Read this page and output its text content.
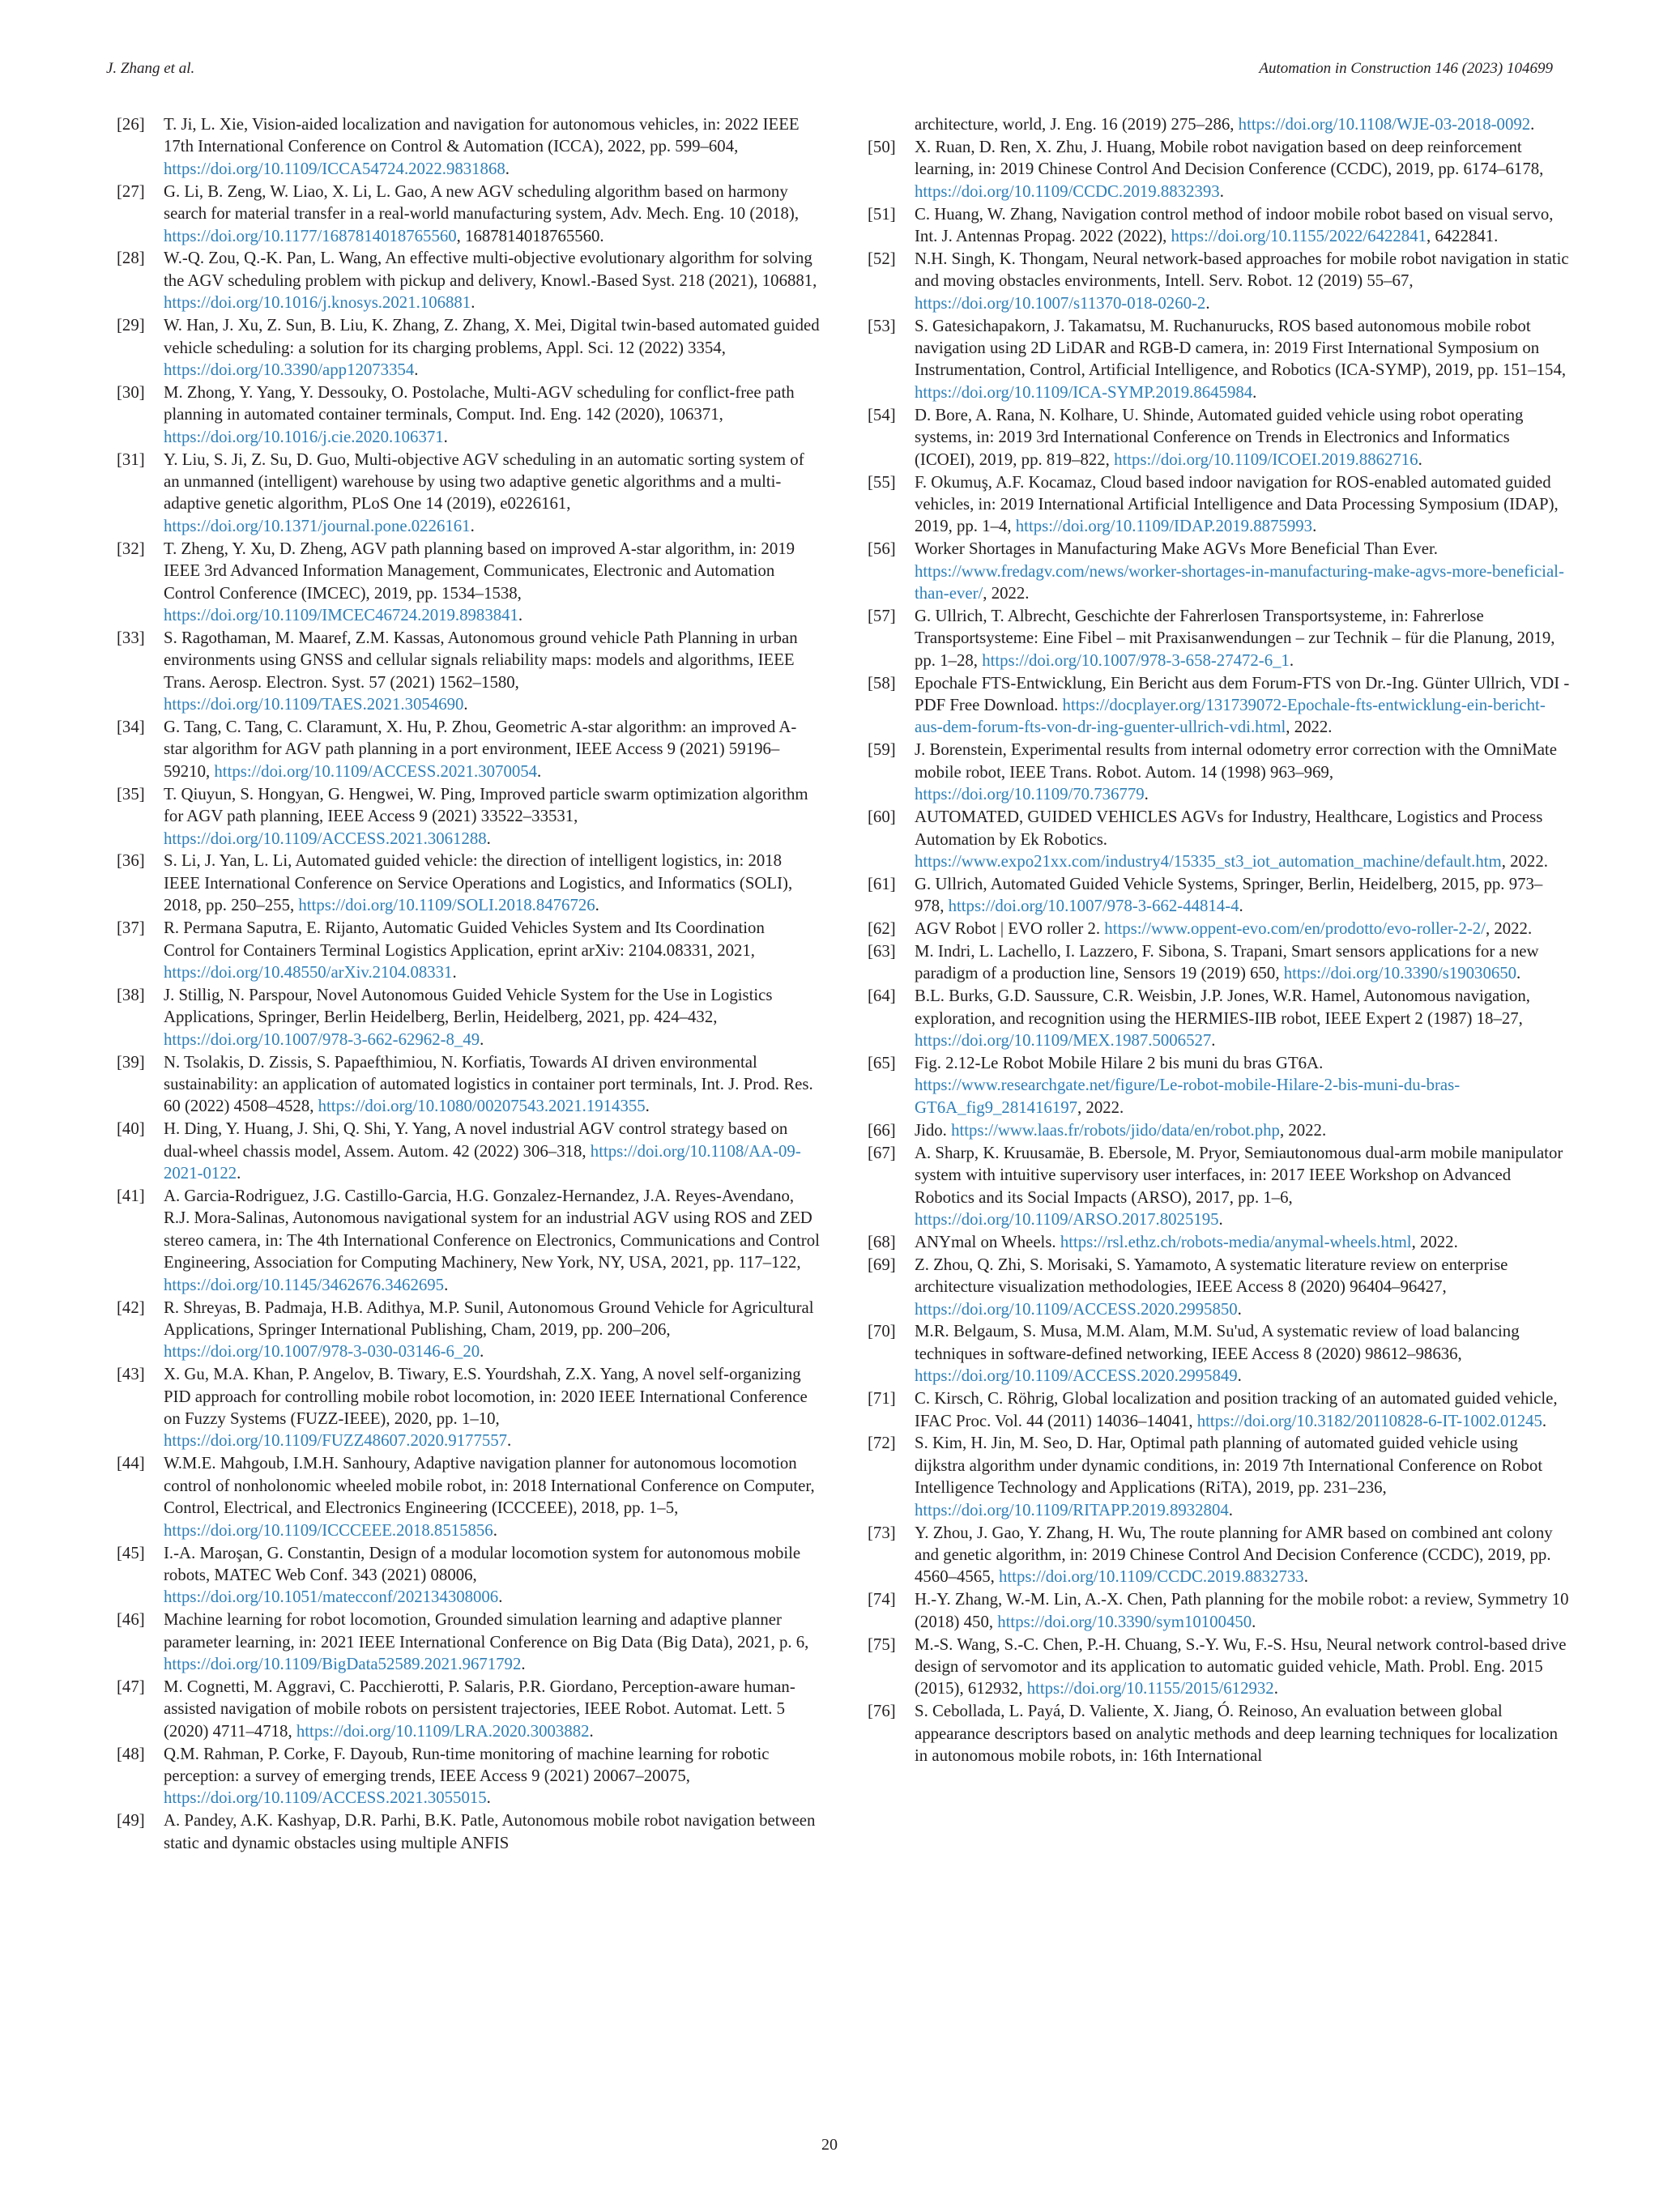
J. Zhang et al.	Automation in Construction 146 (2023) 104699
[26] T. Ji, L. Xie, Vision-aided localization and navigation for autonomous vehicles, in: 2022 IEEE 17th International Conference on Control & Automation (ICCA), 2022, pp. 599–604, https://doi.org/10.1109/ICCA54724.2022.9831868.
[27] G. Li, B. Zeng, W. Liao, X. Li, L. Gao, A new AGV scheduling algorithm based on harmony search for material transfer in a real-world manufacturing system, Adv. Mech. Eng. 10 (2018), https://doi.org/10.1177/1687814018765560, 1687814018765560.
[28] W.-Q. Zou, Q.-K. Pan, L. Wang, An effective multi-objective evolutionary algorithm for solving the AGV scheduling problem with pickup and delivery, Knowl.-Based Syst. 218 (2021), 106881, https://doi.org/10.1016/j.knosys.2021.106881.
[29] W. Han, J. Xu, Z. Sun, B. Liu, K. Zhang, Z. Zhang, X. Mei, Digital twin-based automated guided vehicle scheduling: a solution for its charging problems, Appl. Sci. 12 (2022) 3354, https://doi.org/10.3390/app12073354.
[30] M. Zhong, Y. Yang, Y. Dessouky, O. Postolache, Multi-AGV scheduling for conflict-free path planning in automated container terminals, Comput. Ind. Eng. 142 (2020), 106371, https://doi.org/10.1016/j.cie.2020.106371.
[31] Y. Liu, S. Ji, Z. Su, D. Guo, Multi-objective AGV scheduling in an automatic sorting system of an unmanned (intelligent) warehouse by using two adaptive genetic algorithms and a multi-adaptive genetic algorithm, PLoS One 14 (2019), e0226161, https://doi.org/10.1371/journal.pone.0226161.
[32] T. Zheng, Y. Xu, D. Zheng, AGV path planning based on improved A-star algorithm, in: 2019 IEEE 3rd Advanced Information Management, Communicates, Electronic and Automation Control Conference (IMCEC), 2019, pp. 1534–1538, https://doi.org/10.1109/IMCEC46724.2019.8983841.
[33] S. Ragothaman, M. Maaref, Z.M. Kassas, Autonomous ground vehicle Path Planning in urban environments using GNSS and cellular signals reliability maps: models and algorithms, IEEE Trans. Aerosp. Electron. Syst. 57 (2021) 1562–1580, https://doi.org/10.1109/TAES.2021.3054690.
[34] G. Tang, C. Tang, C. Claramunt, X. Hu, P. Zhou, Geometric A-star algorithm: an improved A-star algorithm for AGV path planning in a port environment, IEEE Access 9 (2021) 59196–59210, https://doi.org/10.1109/ACCESS.2021.3070054.
[35] T. Qiuyun, S. Hongyan, G. Hengwei, W. Ping, Improved particle swarm optimization algorithm for AGV path planning, IEEE Access 9 (2021) 33522–33531, https://doi.org/10.1109/ACCESS.2021.3061288.
[36] S. Li, J. Yan, L. Li, Automated guided vehicle: the direction of intelligent logistics, in: 2018 IEEE International Conference on Service Operations and Logistics, and Informatics (SOLI), 2018, pp. 250–255, https://doi.org/10.1109/SOLI.2018.8476726.
[37] R. Permana Saputra, E. Rijanto, Automatic Guided Vehicles System and Its Coordination Control for Containers Terminal Logistics Application, eprint arXiv: 2104.08331, 2021, https://doi.org/10.48550/arXiv.2104.08331.
[38] J. Stillig, N. Parspour, Novel Autonomous Guided Vehicle System for the Use in Logistics Applications, Springer, Berlin Heidelberg, Berlin, Heidelberg, 2021, pp. 424–432, https://doi.org/10.1007/978-3-662-62962-8_49.
[39] N. Tsolakis, D. Zissis, S. Papaefthimiou, N. Korfiatis, Towards AI driven environmental sustainability: an application of automated logistics in container port terminals, Int. J. Prod. Res. 60 (2022) 4508–4528, https://doi.org/10.1080/00207543.2021.1914355.
[40] H. Ding, Y. Huang, J. Shi, Q. Shi, Y. Yang, A novel industrial AGV control strategy based on dual-wheel chassis model, Assem. Autom. 42 (2022) 306–318, https://doi.org/10.1108/AA-09-2021-0122.
[41] A. Garcia-Rodriguez, J.G. Castillo-Garcia, H.G. Gonzalez-Hernandez, J.A. Reyes-Avendano, R.J. Mora-Salinas, Autonomous navigational system for an industrial AGV using ROS and ZED stereo camera, in: The 4th International Conference on Electronics, Communications and Control Engineering, Association for Computing Machinery, New York, NY, USA, 2021, pp. 117–122, https://doi.org/10.1145/3462676.3462695.
[42] R. Shreyas, B. Padmaja, H.B. Adithya, M.P. Sunil, Autonomous Ground Vehicle for Agricultural Applications, Springer International Publishing, Cham, 2019, pp. 200–206, https://doi.org/10.1007/978-3-030-03146-6_20.
[43] X. Gu, M.A. Khan, P. Angelov, B. Tiwary, E.S. Yourdshah, Z.X. Yang, A novel self-organizing PID approach for controlling mobile robot locomotion, in: 2020 IEEE International Conference on Fuzzy Systems (FUZZ-IEEE), 2020, pp. 1–10, https://doi.org/10.1109/FUZZ48607.2020.9177557.
[44] W.M.E. Mahgoub, I.M.H. Sanhoury, Adaptive navigation planner for autonomous locomotion control of nonholonomic wheeled mobile robot, in: 2018 International Conference on Computer, Control, Electrical, and Electronics Engineering (ICCCEEE), 2018, pp. 1–5, https://doi.org/10.1109/ICCCEEE.2018.8515856.
[45] I.-A. Maroşan, G. Constantin, Design of a modular locomotion system for autonomous mobile robots, MATEC Web Conf. 343 (2021) 08006, https://doi.org/10.1051/matecconf/202134308006.
[46] Machine learning for robot locomotion, Grounded simulation learning and adaptive planner parameter learning, in: 2021 IEEE International Conference on Big Data (Big Data), 2021, p. 6, https://doi.org/10.1109/BigData52589.2021.9671792.
[47] M. Cognetti, M. Aggravi, C. Pacchierotti, P. Salaris, P.R. Giordano, Perception-aware human-assisted navigation of mobile robots on persistent trajectories, IEEE Robot. Automat. Lett. 5 (2020) 4711–4718, https://doi.org/10.1109/LRA.2020.3003882.
[48] Q.M. Rahman, P. Corke, F. Dayoub, Run-time monitoring of machine learning for robotic perception: a survey of emerging trends, IEEE Access 9 (2021) 20067–20075, https://doi.org/10.1109/ACCESS.2021.3055015.
[49] A. Pandey, A.K. Kashyap, D.R. Parhi, B.K. Patle, Autonomous mobile robot navigation between static and dynamic obstacles using multiple ANFIS
architecture, world, J. Eng. 16 (2019) 275–286, https://doi.org/10.1108/WJE-03-2018-0092.
[50] X. Ruan, D. Ren, X. Zhu, J. Huang, Mobile robot navigation based on deep reinforcement learning, in: 2019 Chinese Control And Decision Conference (CCDC), 2019, pp. 6174–6178, https://doi.org/10.1109/CCDC.2019.8832393.
[51] C. Huang, W. Zhang, Navigation control method of indoor mobile robot based on visual servo, Int. J. Antennas Propag. 2022 (2022), https://doi.org/10.1155/2022/6422841, 6422841.
[52] N.H. Singh, K. Thongam, Neural network-based approaches for mobile robot navigation in static and moving obstacles environments, Intell. Serv. Robot. 12 (2019) 55–67, https://doi.org/10.1007/s11370-018-0260-2.
[53] S. Gatesichapakorn, J. Takamatsu, M. Ruchanurucks, ROS based autonomous mobile robot navigation using 2D LiDAR and RGB-D camera, in: 2019 First International Symposium on Instrumentation, Control, Artificial Intelligence, and Robotics (ICA-SYMP), 2019, pp. 151–154, https://doi.org/10.1109/ICA-SYMP.2019.8645984.
[54] D. Bore, A. Rana, N. Kolhare, U. Shinde, Automated guided vehicle using robot operating systems, in: 2019 3rd International Conference on Trends in Electronics and Informatics (ICOEI), 2019, pp. 819–822, https://doi.org/10.1109/ICOEI.2019.8862716.
[55] F. Okumuş, A.F. Kocamaz, Cloud based indoor navigation for ROS-enabled automated guided vehicles, in: 2019 International Artificial Intelligence and Data Processing Symposium (IDAP), 2019, pp. 1–4, https://doi.org/10.1109/IDAP.2019.8875993.
[56] Worker Shortages in Manufacturing Make AGVs More Beneficial Than Ever. https://www.fredagv.com/news/worker-shortages-in-manufacturing-make-agvs-more-beneficial-than-ever/, 2022.
[57] G. Ullrich, T. Albrecht, Geschichte der Fahrerlosen Transportsysteme, in: Fahrerlose Transportsysteme: Eine Fibel – mit Praxisanwendungen – zur Technik – für die Planung, 2019, pp. 1–28, https://doi.org/10.1007/978-3-658-27472-6_1.
[58] Epochale FTS-Entwicklung, Ein Bericht aus dem Forum-FTS von Dr.-Ing. Günter Ullrich, VDI - PDF Free Download. https://docplayer.org/131739072-Epochale-fts-entwicklung-ein-bericht-aus-dem-forum-fts-von-dr-ing-guenter-ullrich-vdi.html, 2022.
[59] J. Borenstein, Experimental results from internal odometry error correction with the OmniMate mobile robot, IEEE Trans. Robot. Autom. 14 (1998) 963–969, https://doi.org/10.1109/70.736779.
[60] AUTOMATED, GUIDED VEHICLES AGVs for Industry, Healthcare, Logistics and Process Automation by Ek Robotics. https://www.expo21xx.com/industry4/15335_st3_iot_automation_machine/default.htm, 2022.
[61] G. Ullrich, Automated Guided Vehicle Systems, Springer, Berlin, Heidelberg, 2015, pp. 973–978, https://doi.org/10.1007/978-3-662-44814-4.
[62] AGV Robot | EVO roller 2. https://www.oppent-evo.com/en/prodotto/evo-roller-2-2/, 2022.
[63] M. Indri, L. Lachello, I. Lazzero, F. Sibona, S. Trapani, Smart sensors applications for a new paradigm of a production line, Sensors 19 (2019) 650, https://doi.org/10.3390/s19030650.
[64] B.L. Burks, G.D. Saussure, C.R. Weisbin, J.P. Jones, W.R. Hamel, Autonomous navigation, exploration, and recognition using the HERMIES-IIB robot, IEEE Expert 2 (1987) 18–27, https://doi.org/10.1109/MEX.1987.5006527.
[65] Fig. 2.12-Le Robot Mobile Hilare 2 bis muni du bras GT6A. https://www.researchgate.net/figure/Le-robot-mobile-Hilare-2-bis-muni-du-bras-GT6A_fig9_281416197, 2022.
[66] Jido. https://www.laas.fr/robots/jido/data/en/robot.php, 2022.
[67] A. Sharp, K. Kruusamäe, B. Ebersole, M. Pryor, Semiautonomous dual-arm mobile manipulator system with intuitive supervisory user interfaces, in: 2017 IEEE Workshop on Advanced Robotics and its Social Impacts (ARSO), 2017, pp. 1–6, https://doi.org/10.1109/ARSO.2017.8025195.
[68] ANYmal on Wheels. https://rsl.ethz.ch/robots-media/anymal-wheels.html, 2022.
[69] Z. Zhou, Q. Zhi, S. Morisaki, S. Yamamoto, A systematic literature review on enterprise architecture visualization methodologies, IEEE Access 8 (2020) 96404–96427, https://doi.org/10.1109/ACCESS.2020.2995850.
[70] M.R. Belgaum, S. Musa, M.M. Alam, M.M. Su'ud, A systematic review of load balancing techniques in software-defined networking, IEEE Access 8 (2020) 98612–98636, https://doi.org/10.1109/ACCESS.2020.2995849.
[71] C. Kirsch, C. Röhrig, Global localization and position tracking of an automated guided vehicle, IFAC Proc. Vol. 44 (2011) 14036–14041, https://doi.org/10.3182/20110828-6-IT-1002.01245.
[72] S. Kim, H. Jin, M. Seo, D. Har, Optimal path planning of automated guided vehicle using dijkstra algorithm under dynamic conditions, in: 2019 7th International Conference on Robot Intelligence Technology and Applications (RiTA), 2019, pp. 231–236, https://doi.org/10.1109/RITAPP.2019.8932804.
[73] Y. Zhou, J. Gao, Y. Zhang, H. Wu, The route planning for AMR based on combined ant colony and genetic algorithm, in: 2019 Chinese Control And Decision Conference (CCDC), 2019, pp. 4560–4565, https://doi.org/10.1109/CCDC.2019.8832733.
[74] H.-Y. Zhang, W.-M. Lin, A.-X. Chen, Path planning for the mobile robot: a review, Symmetry 10 (2018) 450, https://doi.org/10.3390/sym10100450.
[75] M.-S. Wang, S.-C. Chen, P.-H. Chuang, S.-Y. Wu, F.-S. Hsu, Neural network control-based drive design of servomotor and its application to automatic guided vehicle, Math. Probl. Eng. 2015 (2015), 612932, https://doi.org/10.1155/2015/612932.
[76] S. Cebollada, L. Payá, D. Valiente, X. Jiang, Ó. Reinoso, An evaluation between global appearance descriptors based on analytic methods and deep learning techniques for localization in autonomous mobile robots, in: 16th International
20
